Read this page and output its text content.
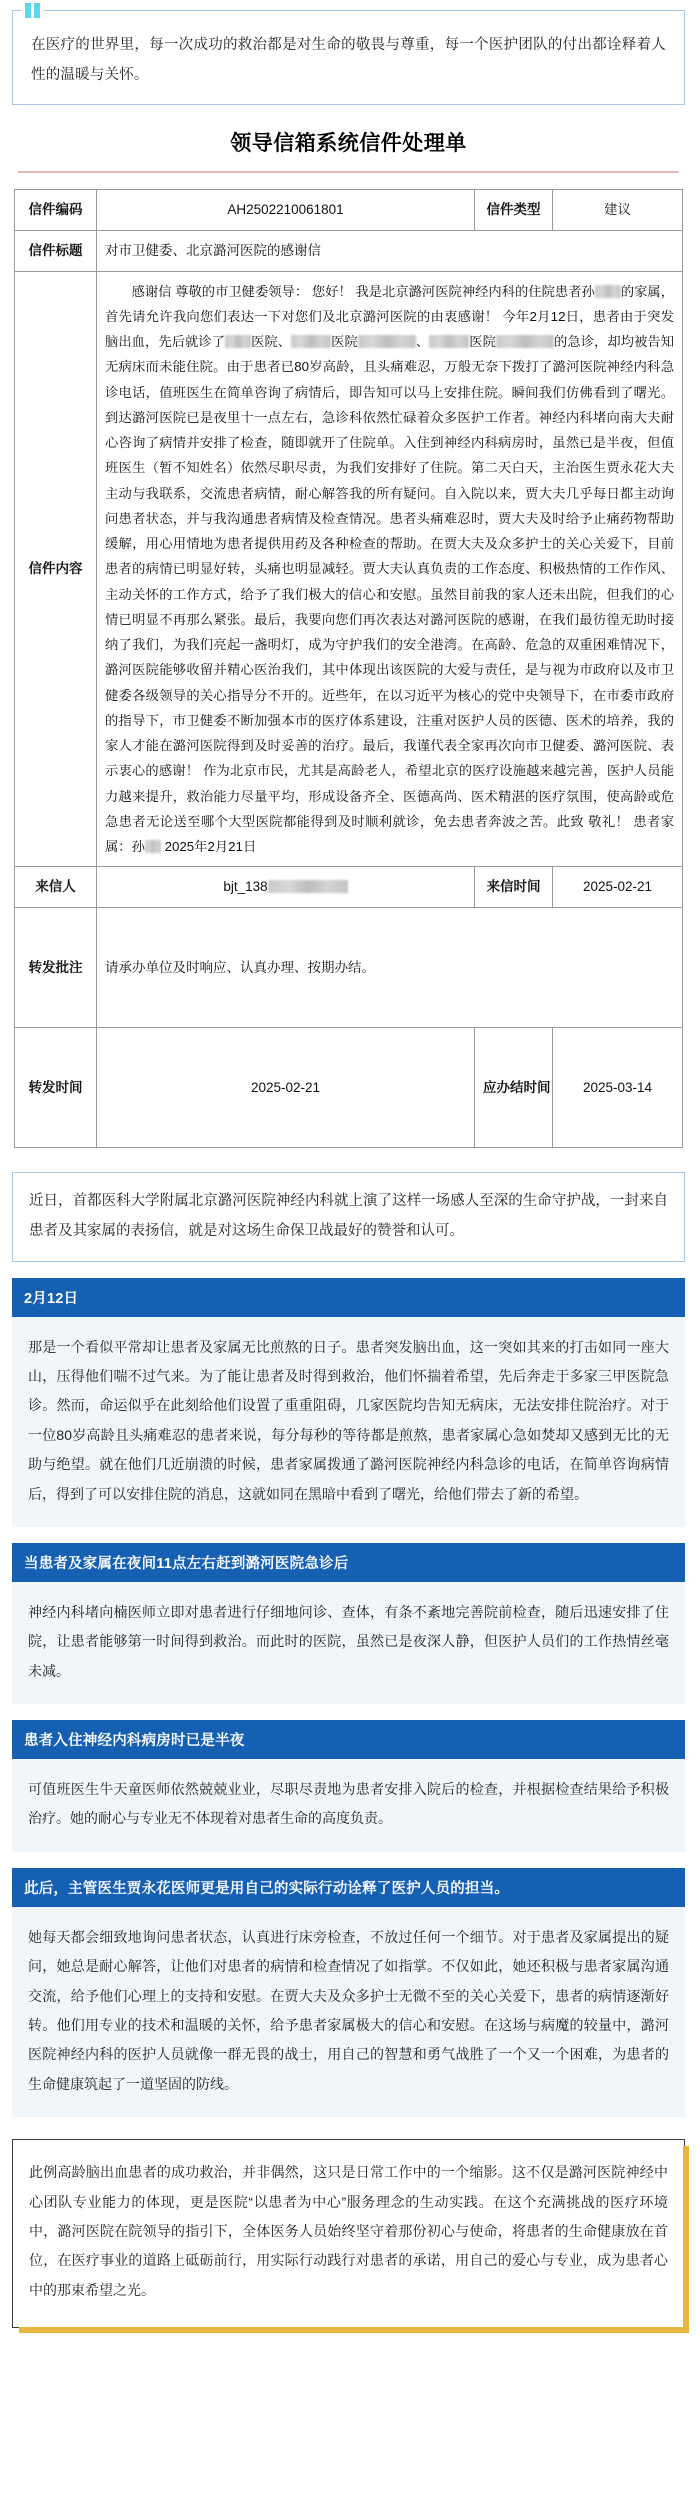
在医疗的世界里，每一次成功的救治都是对生命的敬畏与尊重，每一个医护团队的付出都诠释着人性的温暖与关怀。
领导信箱系统信件处理单
信件编码	AH2502210061801	信件类型	建议
信件标题	对市卫健委、北京潞河医院的感谢信		
信件内容	感谢信 尊敬的市卫健委领导： 您好！ 我是北京潞河医院神经内科的住院患者孙 的家属，首先请允许我向您们表达一下对您们及北京潞河医院的由衷感谢！ 今年2月12日，患者由于突发脑出血，先后就诊了 医院、 医院 、 医院 的急诊，却均被告知无病床而未能住院。由于患者已80岁高龄，且头痛难忍，万般无奈下拨打了潞河医院神经内科急诊电话，值班医生在简单咨询了病情后，即告知可以马上安排住院。瞬间我们仿佛看到了曙光。到达潞河医院已是夜里十一点左右，急诊科依然忙碌着众多医护工作者。神经内科堵向南大夫耐心咨询了病情并安排了检查，随即就开了住院单。入住到神经内科病房时，虽然已是半夜，但值班医生（暂不知姓名）依然尽职尽责，为我们安排好了住院。第二天白天，主治医生贾永花大夫主动与我联系，交流患者病情，耐心解答我的所有疑问。自入院以来，贾大夫几乎每日都主动询问患者状态，并与我沟通患者病情及检查情况。患者头痛难忍时，贾大夫及时给予止痛药物帮助缓解，用心用情地为患者提供用药及各种检查的帮助。在贾大夫及众多护士的关心关爱下，目前患者的病情已明显好转，头痛也明显减轻。贾大夫认真负责的工作态度、积极热情的工作作风、主动关怀的工作方式，给予了我们极大的信心和安慰。虽然目前我的家人还未出院，但我们的心情已明显不再那么紧张。最后，我要向您们再次表达对潞河医院的感谢，在我们最彷徨无助时接纳了我们，为我们亮起一盏明灯，成为守护我们的安全港湾。在高龄、危急的双重困难情况下，潞河医院能够收留并精心医治我们，其中体现出该医院的大爱与责任，是与视为市政府以及市卫健委各级领导的关心指导分不开的。近些年，在以习近平为核心的党中央领导下，在市委市政府的指导下，市卫健委不断加强本市的医疗体系建设，注重对医护人员的医德、医术的培养，我的家人才能在潞河医院得到及时妥善的治疗。最后，我谨代表全家再次向市卫健委、潞河医院、表示衷心的感谢！ 作为北京市民，尤其是高龄老人，希望北京的医疗设施越来越完善，医护人员能力越来提升，救治能力尽量平均，形成设备齐全、医德高尚、医术精湛的医疗氛围，使高龄或危急患者无论送至哪个大型医院都能得到及时顺利就诊，免去患者奔波之苦。此致 敬礼！ 患者家属：孙 2025年2月21日		

来信人	bjt_138	来信时间	2025-02-21
转发批注	请承办单位及时响应、认真办理、按期办结。		
转发时间	2025-02-21	应办结时间	2025-03-14
近日，首都医科大学附属北京潞河医院神经内科就上演了这样一场感人至深的生命守护战，一封来自患者及其家属的表扬信，就是对这场生命保卫战最好的赞誉和认可。
2月12日
那是一个看似平常却让患者及家属无比煎熬的日子。患者突发脑出血，这一突如其来的打击如同一座大山，压得他们喘不过气来。为了能让患者及时得到救治，他们怀揣着希望，先后奔走于多家三甲医院急诊。然而，命运似乎在此刻给他们设置了重重阻碍，几家医院均告知无病床，无法安排住院治疗。对于一位80岁高龄且头痛难忍的患者来说，每分每秒的等待都是煎熬，患者家属心急如焚却又感到无比的无助与绝望。就在他们几近崩溃的时候，患者家属拨通了潞河医院神经内科急诊的电话，在简单咨询病情后，得到了可以安排住院的消息，这就如同在黑暗中看到了曙光，给他们带去了新的希望。
当患者及家属在夜间11点左右赶到潞河医院急诊后
神经内科堵向楠医师立即对患者进行仔细地问诊、查体，有条不紊地完善院前检查，随后迅速安排了住院，让患者能够第一时间得到救治。而此时的医院，虽然已是夜深人静，但医护人员们的工作热情丝毫未减。
患者入住神经内科病房时已是半夜
可值班医生牛天童医师依然兢兢业业，尽职尽责地为患者安排入院后的检查，并根据检查结果给予积极治疗。她的耐心与专业无不体现着对患者生命的高度负责。
此后，主管医生贾永花医师更是用自己的实际行动诠释了医护人员的担当。
她每天都会细致地询问患者状态，认真进行床旁检查，不放过任何一个细节。对于患者及家属提出的疑问，她总是耐心解答，让他们对患者的病情和检查情况了如指掌。不仅如此，她还积极与患者家属沟通交流，给予他们心理上的支持和安慰。在贾大夫及众多护士无微不至的关心关爱下，患者的病情逐渐好转。他们用专业的技术和温暖的关怀，给予患者家属极大的信心和安慰。在这场与病魔的较量中，潞河医院神经内科的医护人员就像一群无畏的战士，用自己的智慧和勇气战胜了一个又一个困难，为患者的生命健康筑起了一道坚固的防线。
此例高龄脑出血患者的成功救治，并非偶然，这只是日常工作中的一个缩影。这不仅是潞河医院神经中心团队专业能力的体现，更是医院“以患者为中心”服务理念的生动实践。在这个充满挑战的医疗环境中，潞河医院在院领导的指引下，全体医务人员始终坚守着那份初心与使命，将患者的生命健康放在首位，在医疗事业的道路上砥砺前行，用实际行动践行对患者的承诺，用自己的爱心与专业，成为患者心中的那束希望之光。
